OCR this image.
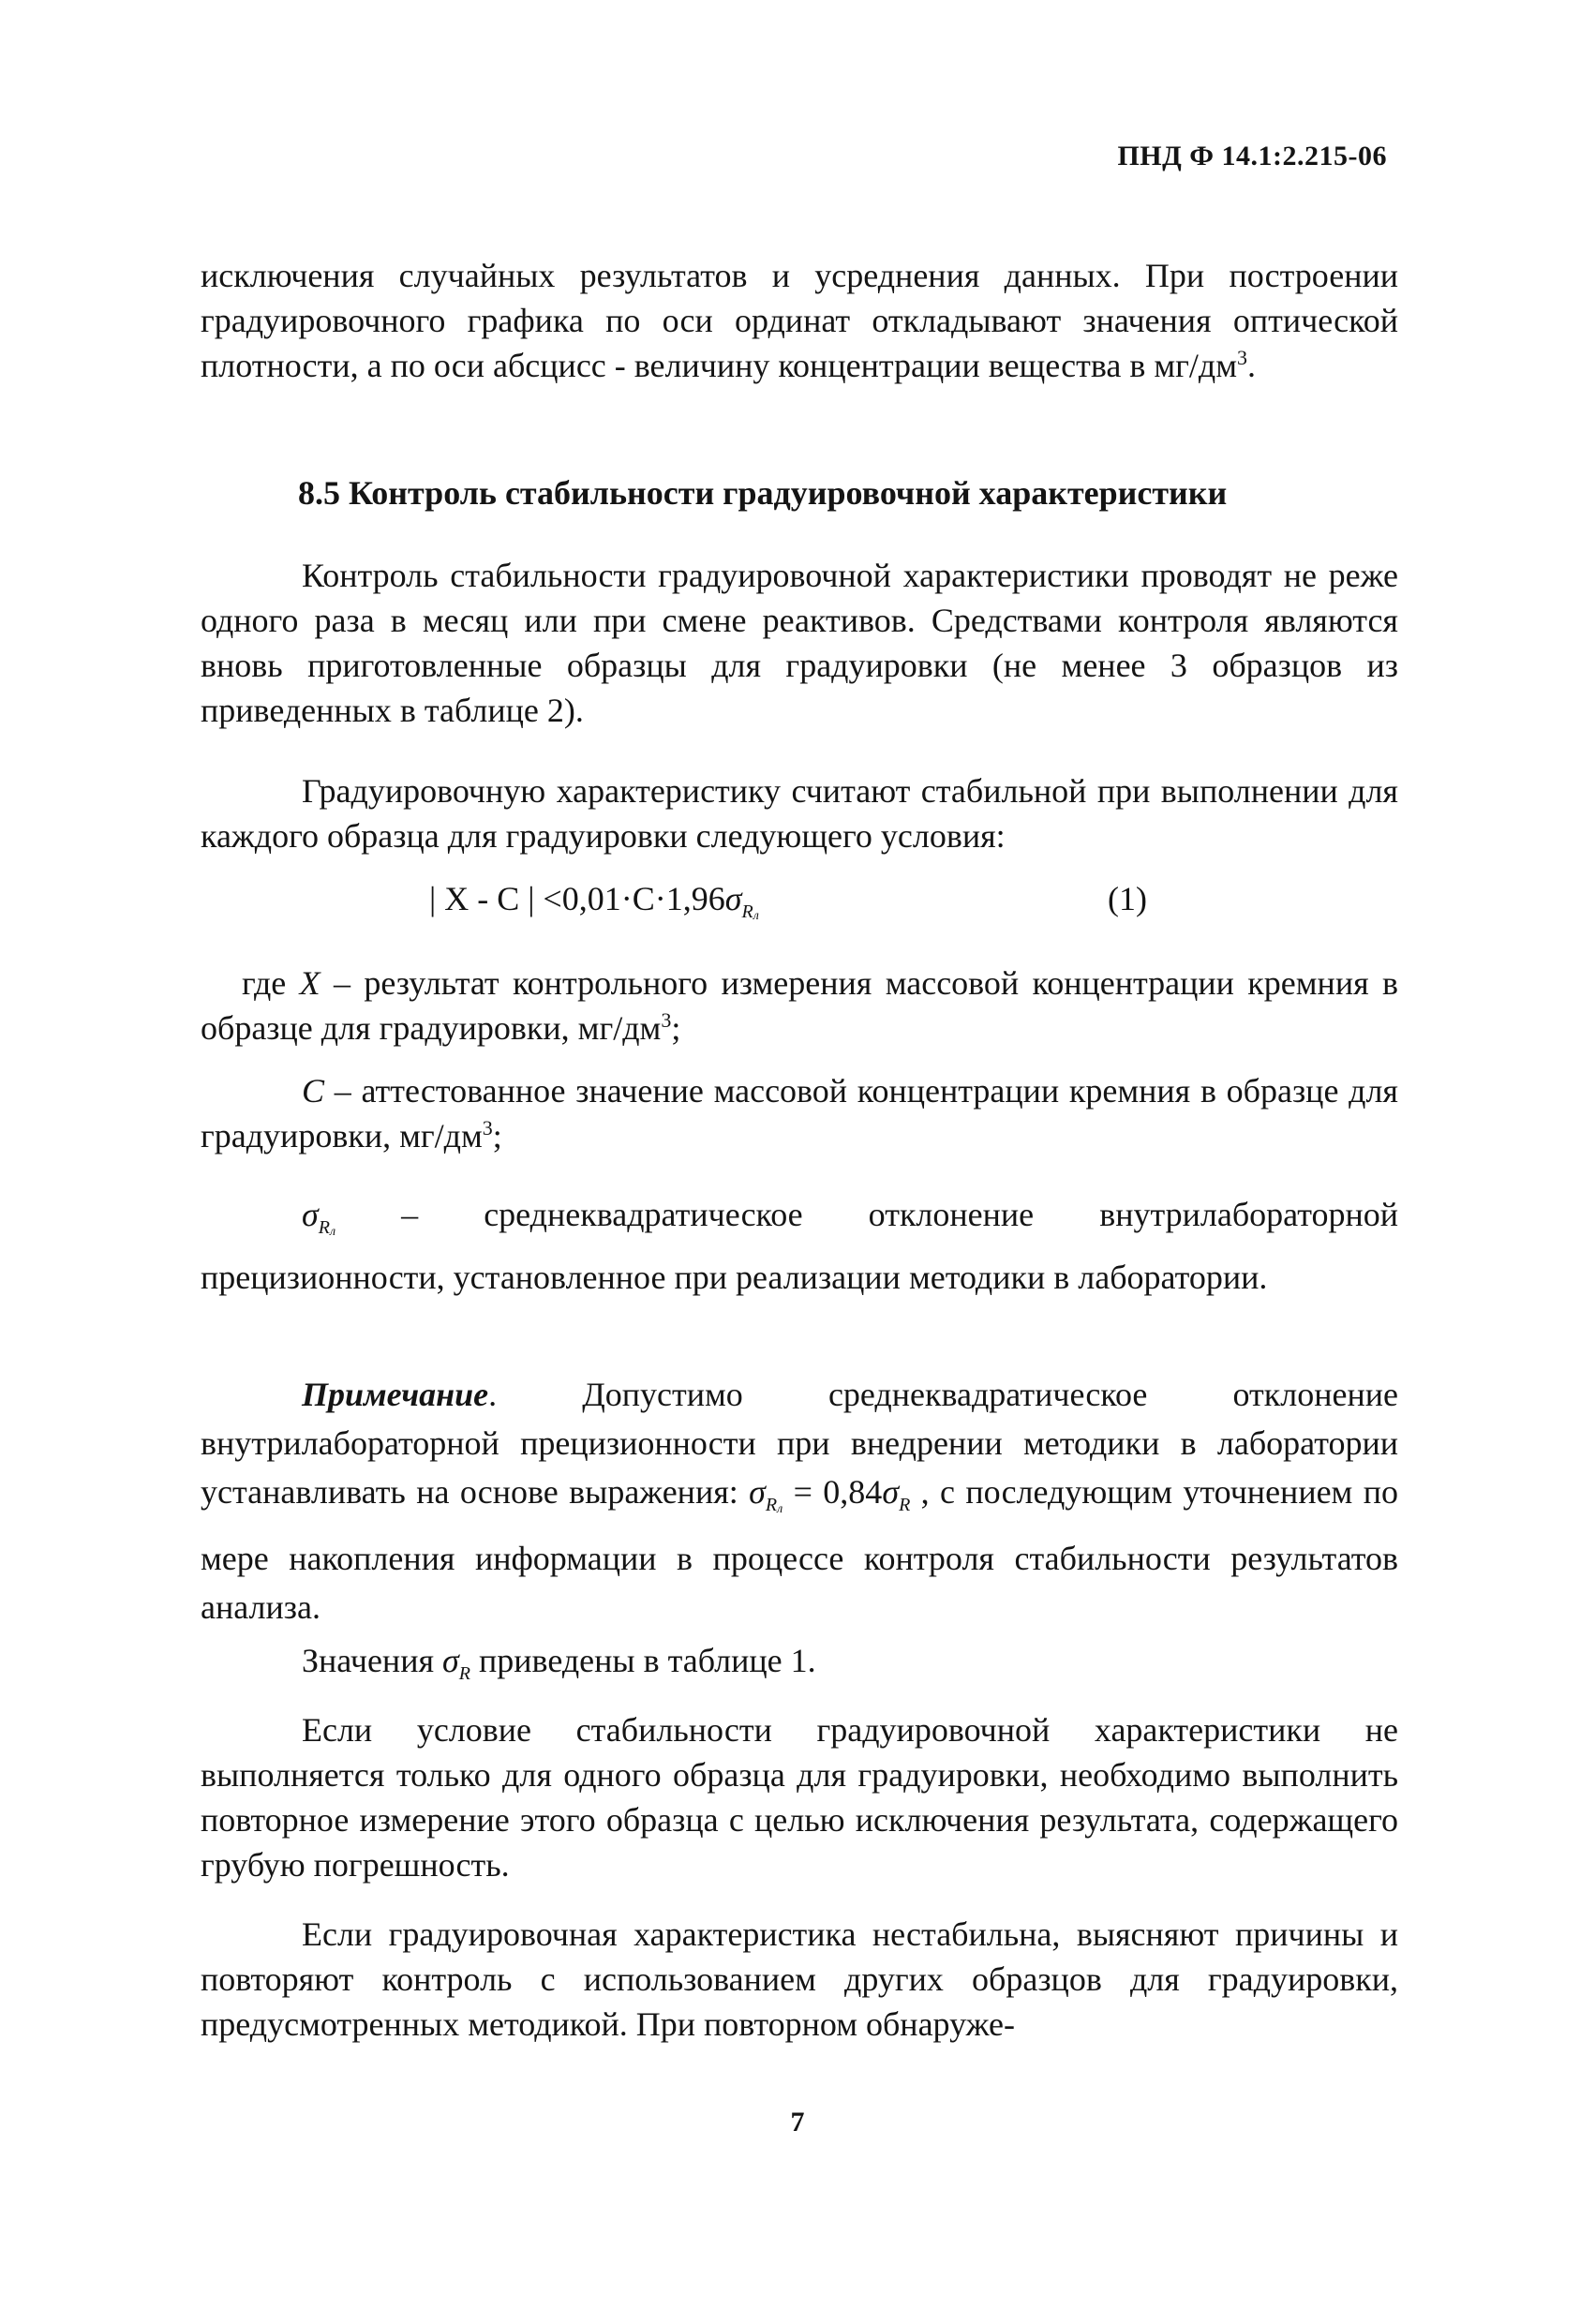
ПНД Ф 14.1:2.215-06

исключения случайных результатов и усреднения данных. При построении градуировочного графика по оси ординат откладывают значения оптической плотности, а по оси абсцисс - величину концентрации вещества в $мг/дм^3$.

8.5 Контроль стабильности градуировочной характеристики

Контроль стабильности градуировочной характеристики проводят не реже одного раза в месяц или при смене реактивов. Средствами контроля являются вновь приготовленные образцы для градуировки (не менее 3 образцов из приведенных в таблице 2).

Градуировочную характеристику считают стабильной при выполнении для каждого образца для градуировки следующего условия:

| X - C | $<0,01\cdot C\cdot 1,96\sigma_{Rл}$	(1)

где X – результат контрольного измерения массовой концентрации кремния в образце для градуировки, $мг/дм^3$;

С – аттестованное значение массовой концентрации кремния в образце для градуировки, $мг/дм^3$;

$\sigma_{Rл}$ – среднеквадратическое отклонение внутрилабораторной прецизионности, установленное при реализации методики в лаборатории.

Примечание. Допустимо среднеквадратическое отклонение внутрилабораторной прецизионности при внедрении методики в лаборатории устанавливать на основе выражения: $\sigma_{Rл} = 0,84\sigma_R$ , с последующим уточнением по мере накопления информации в процессе контроля стабильности результатов анализа.

Значения $\sigma_R$ приведены в таблице 1.

Если условие стабильности градуировочной характеристики не выполняется только для одного образца для градуировки, необходимо выполнить повторное измерение этого образца с целью исключения результата, содержащего грубую погрешность.

Если градуировочная характеристика нестабильна, выясняют причины и повторяют контроль с использованием других образцов для градуировки, предусмотренных методикой. При повторном обнаруже-

7
